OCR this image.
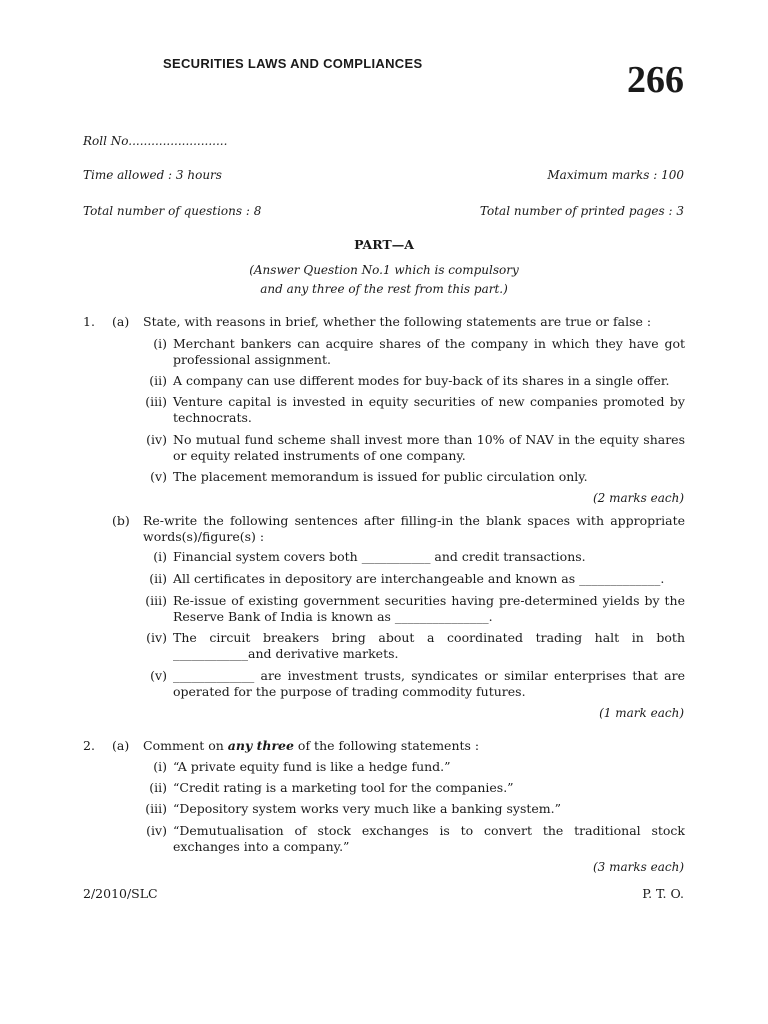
SECURITIES LAWS AND COMPLIANCES	266
Roll No..........................
Time allowed : 3 hours	Maximum marks : 100
Total number of questions : 8	Total number of printed pages : 3
PART—A
(Answer Question No.1 which is compulsory
and any three of the rest from this part.)
1. (a) State, with reasons in brief, whether the following statements are true or false :
(i) Merchant bankers can acquire shares of the company in which they have got professional assignment.
(ii) A company can use different modes for buy-back of its shares in a single offer.
(iii) Venture capital is invested in equity securities of new companies promoted by technocrats.
(iv) No mutual fund scheme shall invest more than 10% of NAV in the equity shares or equity related instruments of one company.
(v) The placement memorandum is issued for public circulation only.
(2 marks each)
(b) Re-write the following sentences after filling-in the blank spaces with appropriate words(s)/figure(s) :
(i) Financial system covers both ___________ and credit transactions.
(ii) All certificates in depository are interchangeable and known as _____________.
(iii) Re-issue of existing government securities having pre-determined yields by the Reserve Bank of India is known as _______________.
(iv) The circuit breakers bring about a coordinated trading halt in both ____________and derivative markets.
(v) _____________ are investment trusts, syndicates or similar enterprises that are operated for the purpose of trading commodity futures.
(1 mark each)
2. (a) Comment on any three of the following statements :
(i) “A private equity fund is like a hedge fund.”
(ii) “Credit rating is a marketing tool for the companies.”
(iii) “Depository system works very much like a banking system.”
(iv) “Demutualisation of stock exchanges is to convert the traditional stock exchanges into a company.”
(3 marks each)
2/2010/SLC	P. T. O.
